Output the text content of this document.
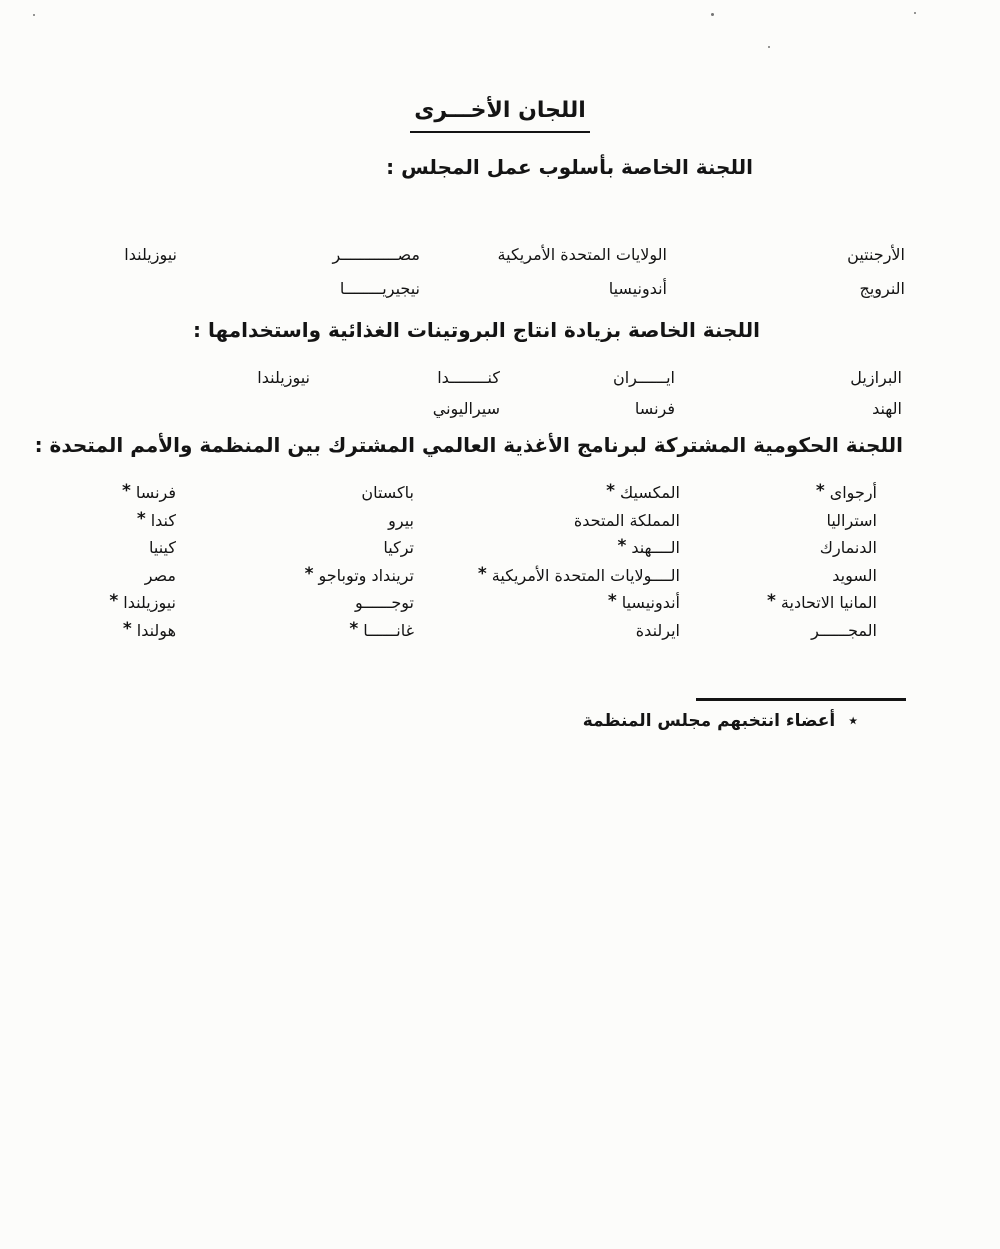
اللجان الأخـــرى
اللجنة الخاصة بأسلوب عمل المجلس :
الأرجنتين
النرويج
الولايات المتحدة الأمريكية
أندونيسيا
مصــــــــــــر
نيجيريــــــــا
نيوزيلندا
اللجنة الخاصة بزيادة انتاج البروتينات الغذائية واستخدامها :
البرازيل
الهند
ايــــــران
فرنسا
كنــــــــدا
سيراليوني
نيوزيلندا
اللجنة الحكومية المشتركة لبرنامج الأغذية العالمي المشترك بين المنظمة والأمم المتحدة :
أرجواى*
استراليا
الدنمارك
السويد
المانيا الاتحادية*
المجــــــر
المكسيك*
المملكة المتحدة
الــــهند*
الــــولايات المتحدة الأمريكية*
أندونيسيا*
ايرلندة
باكستان
بيرو
تركيا
ترينداد وتوباجو*
توجــــــو
غانــــــا*
فرنسا*
كندا*
كينيا
مصر
نيوزيلندا*
هولندا*
٭
أعضاء انتخبهم مجلس المنظمة
